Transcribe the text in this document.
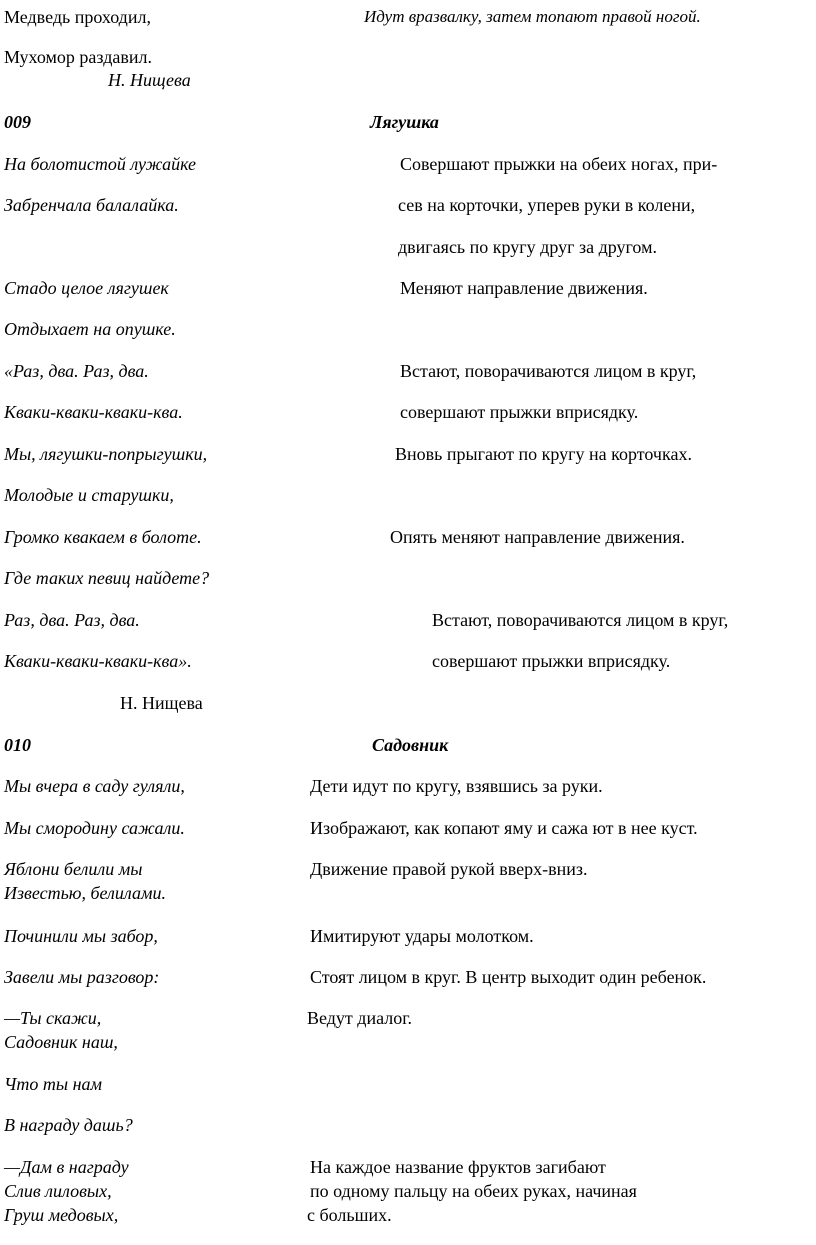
Медведь проходил,	Идут вразвалку, затем топают правой ногой.
Мухомор раздавил.
Н. Нищева
009	Лягушка
На болотистой лужайке	Совершают прыжки на обеих ногах, при-
Забренчала балалайка.	сев на корточки, уперев руки в колени,
двигаясь по кругу друг за другом.
Стадо целое лягушек	Меняют направление движения.
Отдыхает на опушке.
«Раз, два. Раз, два.	Встают, поворачиваются лицом в круг,
Кваки-кваки-кваки-ква.	совершают прыжки вприсядку.
Мы, лягушки-попрыгушки,	Вновь прыгают по кругу на корточках.
Молодые и старушки,
Громко квакаем в болоте.	Опять меняют направление движения.
Где таких певиц найдете?
Раз, два. Раз, два.	Встают, поворачиваются лицом в круг,
Кваки-кваки-кваки-ква».	совершают прыжки вприсядку.
Н. Нищева
010	Садовник
Мы вчера в саду гуляли,	Дети идут по кругу, взявшись за руки.
Мы смородину сажали.	Изображают, как копают яму и сажа ют в нее куст.
Яблони белили мы	Движение правой рукой вверх-вниз.
Известью, белилами.
Починили мы забор,	Имитируют удары молотком.
Завели мы разговор:	Стоят лицом в круг. В центр выходит один ребенок.
—Ты скажи,	Ведут диалог.
Садовник наш,
Что ты нам
В награду дашь?
—Дам в награду	На каждое название фруктов загибают
Слив лиловых,	по одному пальцу на обеих руках, начиная
Груш медовых,	с больших.
